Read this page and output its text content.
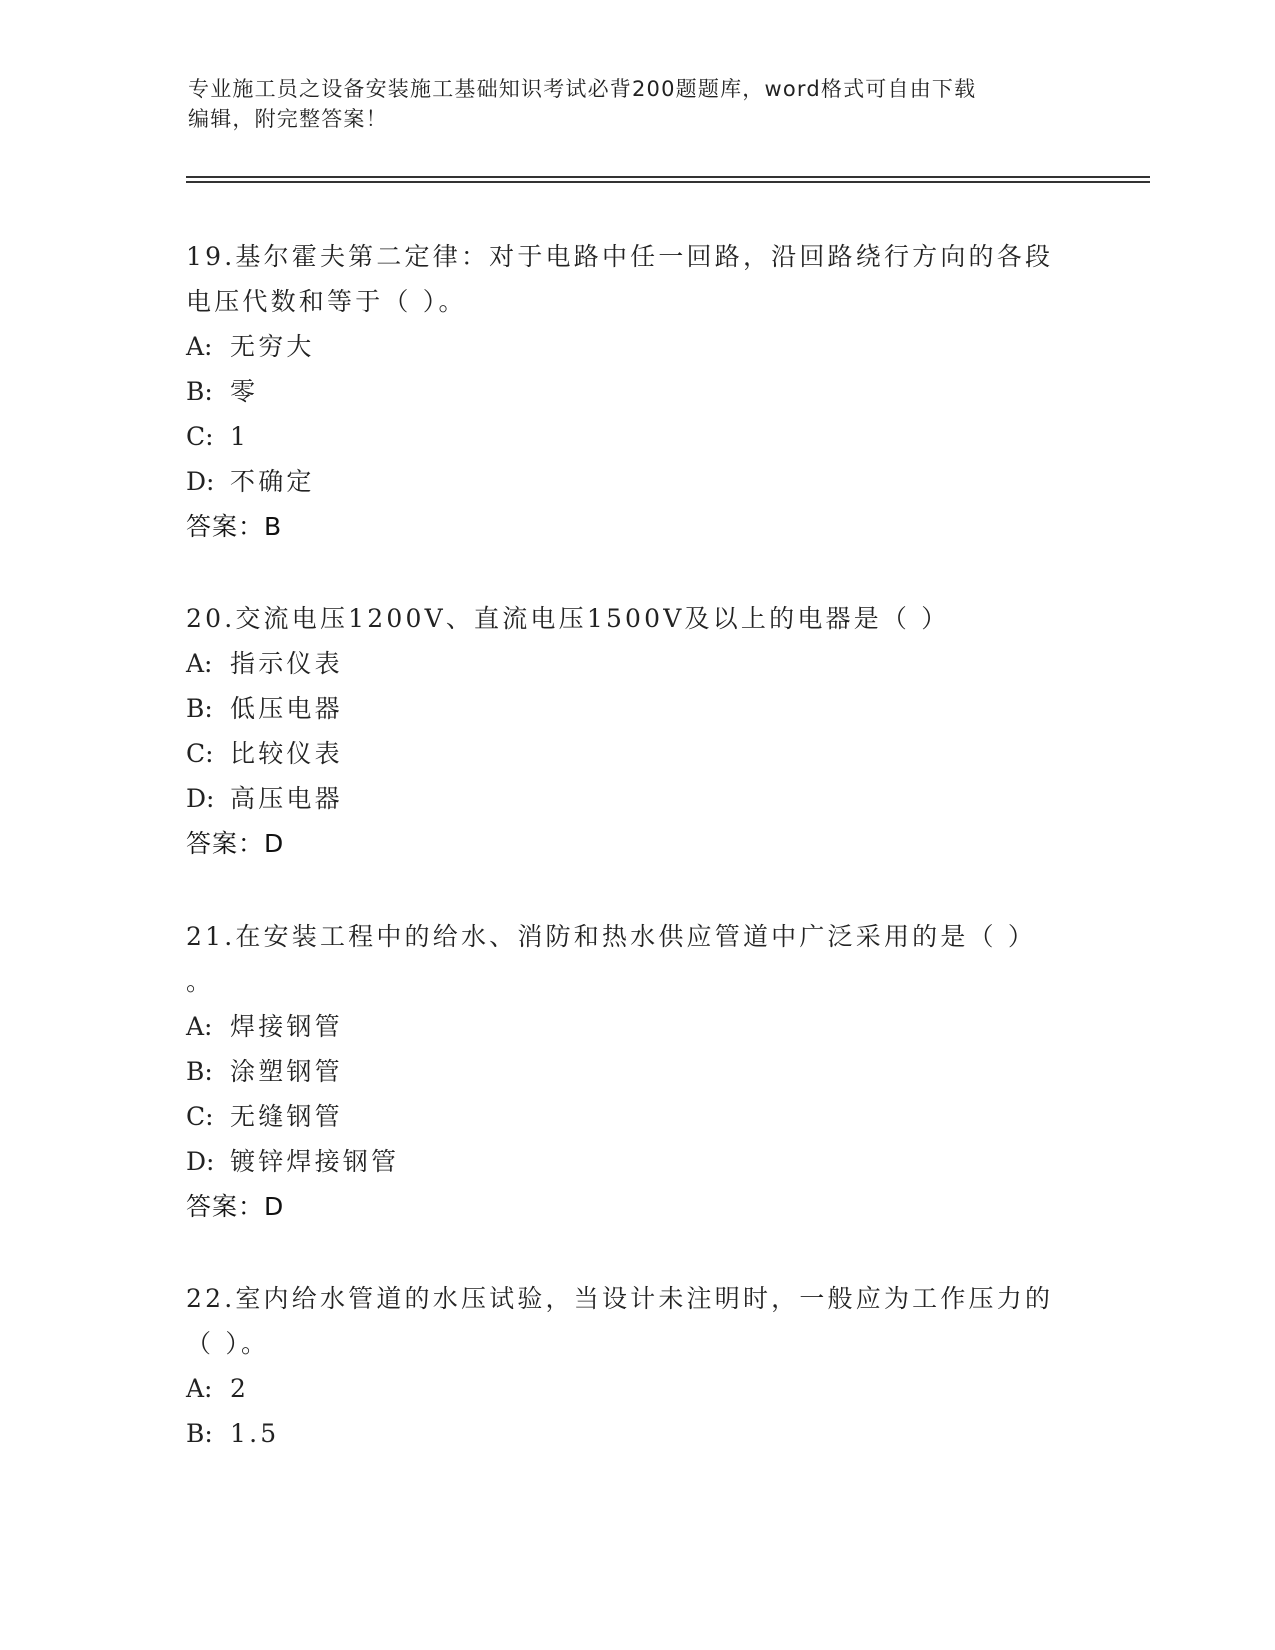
专业施工员之设备安装施工基础知识考试必背200题题库，word格式可自由下载
编辑，附完整答案！
19.基尔霍夫第二定律：对于电路中任一回路，沿回路绕行方向的各段
电压代数和等于（ ）。
A: 无穷大
B: 零
C: 1
D: 不确定
答案：B
20.交流电压1200V、直流电压1500V及以上的电器是（ ）
A: 指示仪表
B: 低压电器
C: 比较仪表
D: 高压电器
答案：D
21.在安装工程中的给水、消防和热水供应管道中广泛采用的是（ ）
。
A: 焊接钢管
B: 涂塑钢管
C: 无缝钢管
D: 镀锌焊接钢管
答案：D
22.室内给水管道的水压试验，当设计未注明时，一般应为工作压力的
（ ）。
A: 2
B: 1.5
